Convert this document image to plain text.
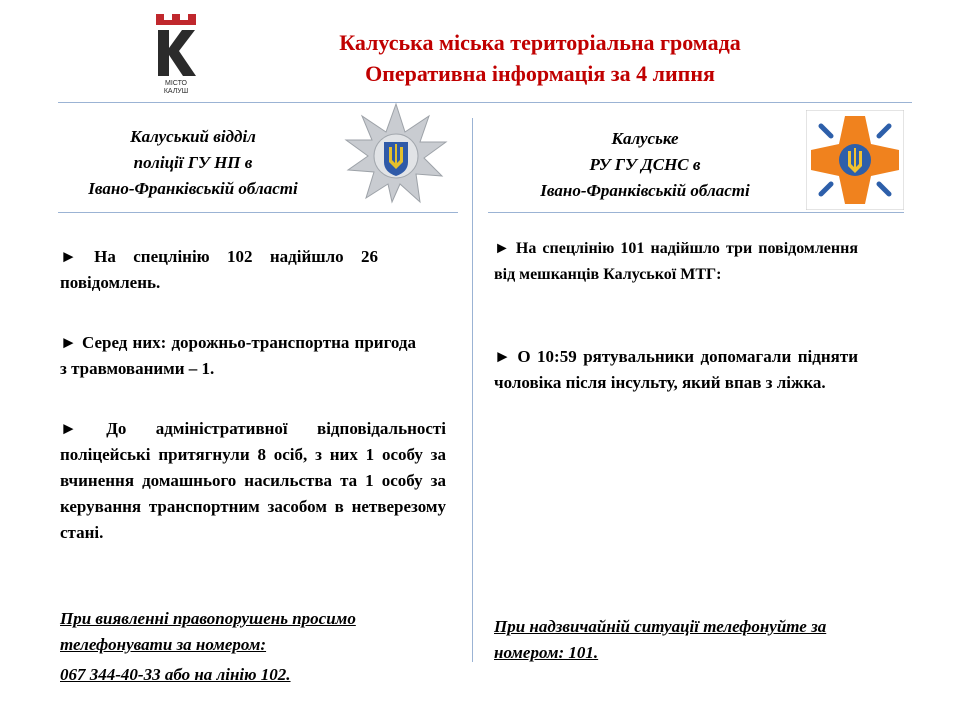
МІСТО
КАЛУШ
Калуська міська територіальна громада
Оперативна інформація за 4 липня
Калуський відділ
поліції ГУ НП в
Івано-Франківській області
Калуське
РУ ГУ ДСНС в
Івано-Франківській області
► На спецлінію 102 надійшло 26 повідомлень.
► Серед них: дорожньо-транспортна пригода з травмованими – 1.
► До адміністративної відповідальності поліцейські притягнули 8 осіб, з них 1 особу за вчинення домашнього насильства та 1 особу за керування транспортним засобом в нетверезому стані.
При виявленні правопорушень просимо телефонувати за номером:
067 344-40-33 або на лінію 102.
► На спецлінію 101 надійшло три повідомлення від мешканців Калуської МТГ:
► О 10:59 рятувальники допомагали підняти чоловіка після інсульту, який впав з ліжка.
При надзвичайній ситуації телефонуйте за номером: 101.
